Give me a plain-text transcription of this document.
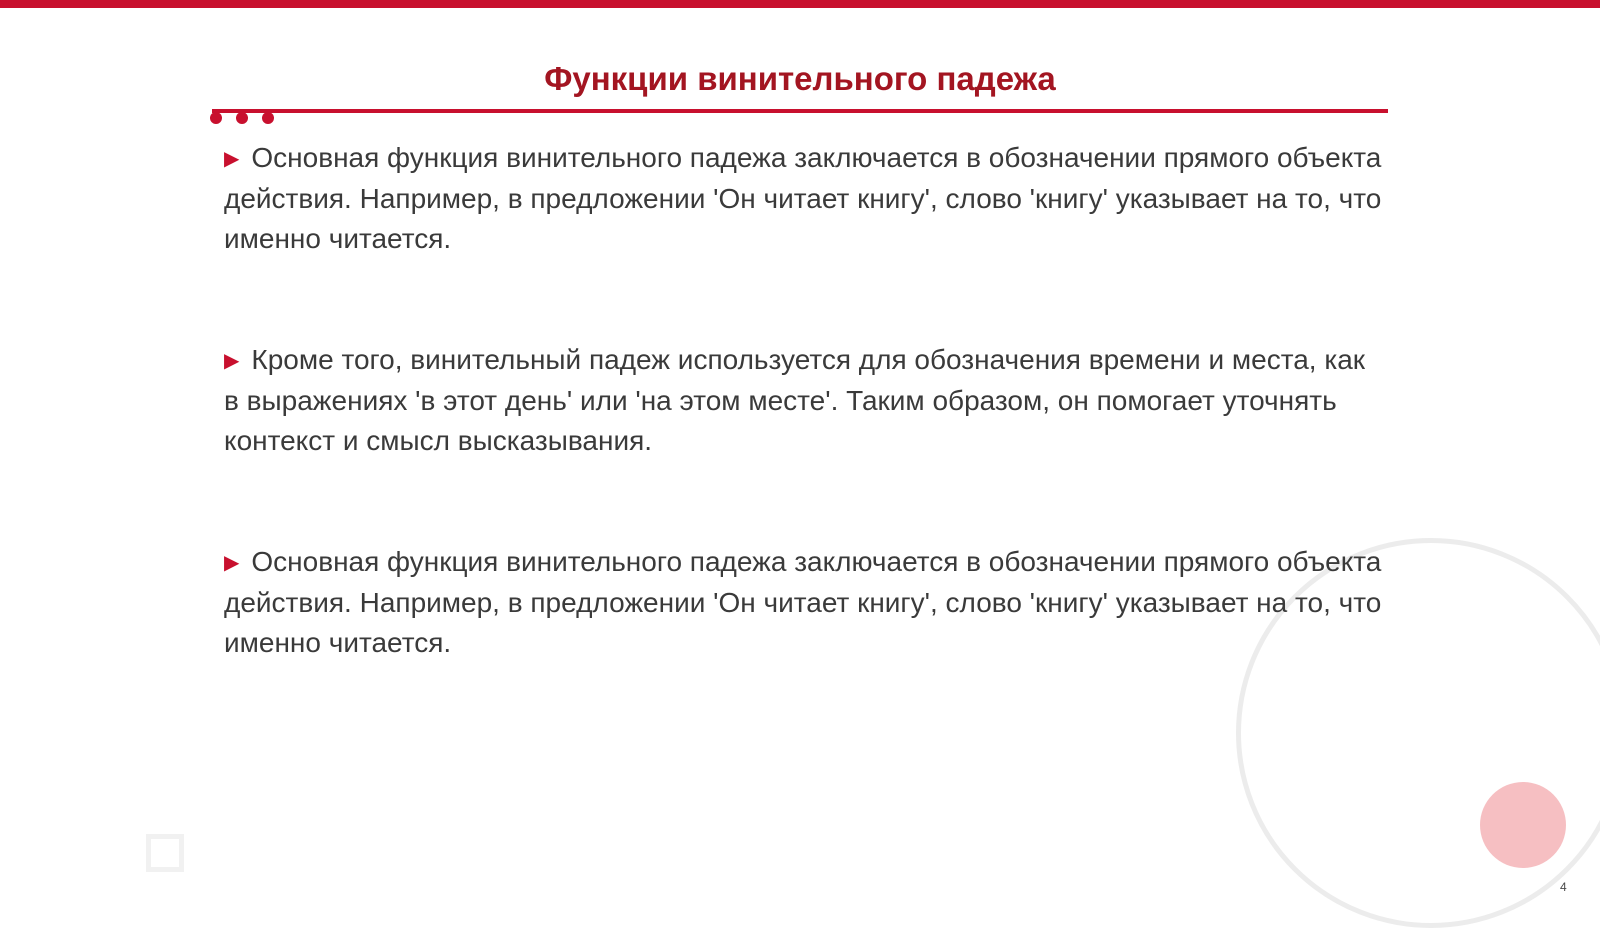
Функции винительного падежа

▶ Основная функция винительного падежа заключается в обозначении прямого объекта действия. Например, в предложении 'Он читает книгу', слово 'книгу' указывает на то, что именно читается.

▶ Кроме того, винительный падеж используется для обозначения времени и места, как в выражениях 'в этот день' или 'на этом месте'. Таким образом, он помогает уточнять контекст и смысл высказывания.

▶ Основная функция винительного падежа заключается в обозначении прямого объекта действия. Например, в предложении 'Он читает книгу', слово 'книгу' указывает на то, что именно читается.

4
